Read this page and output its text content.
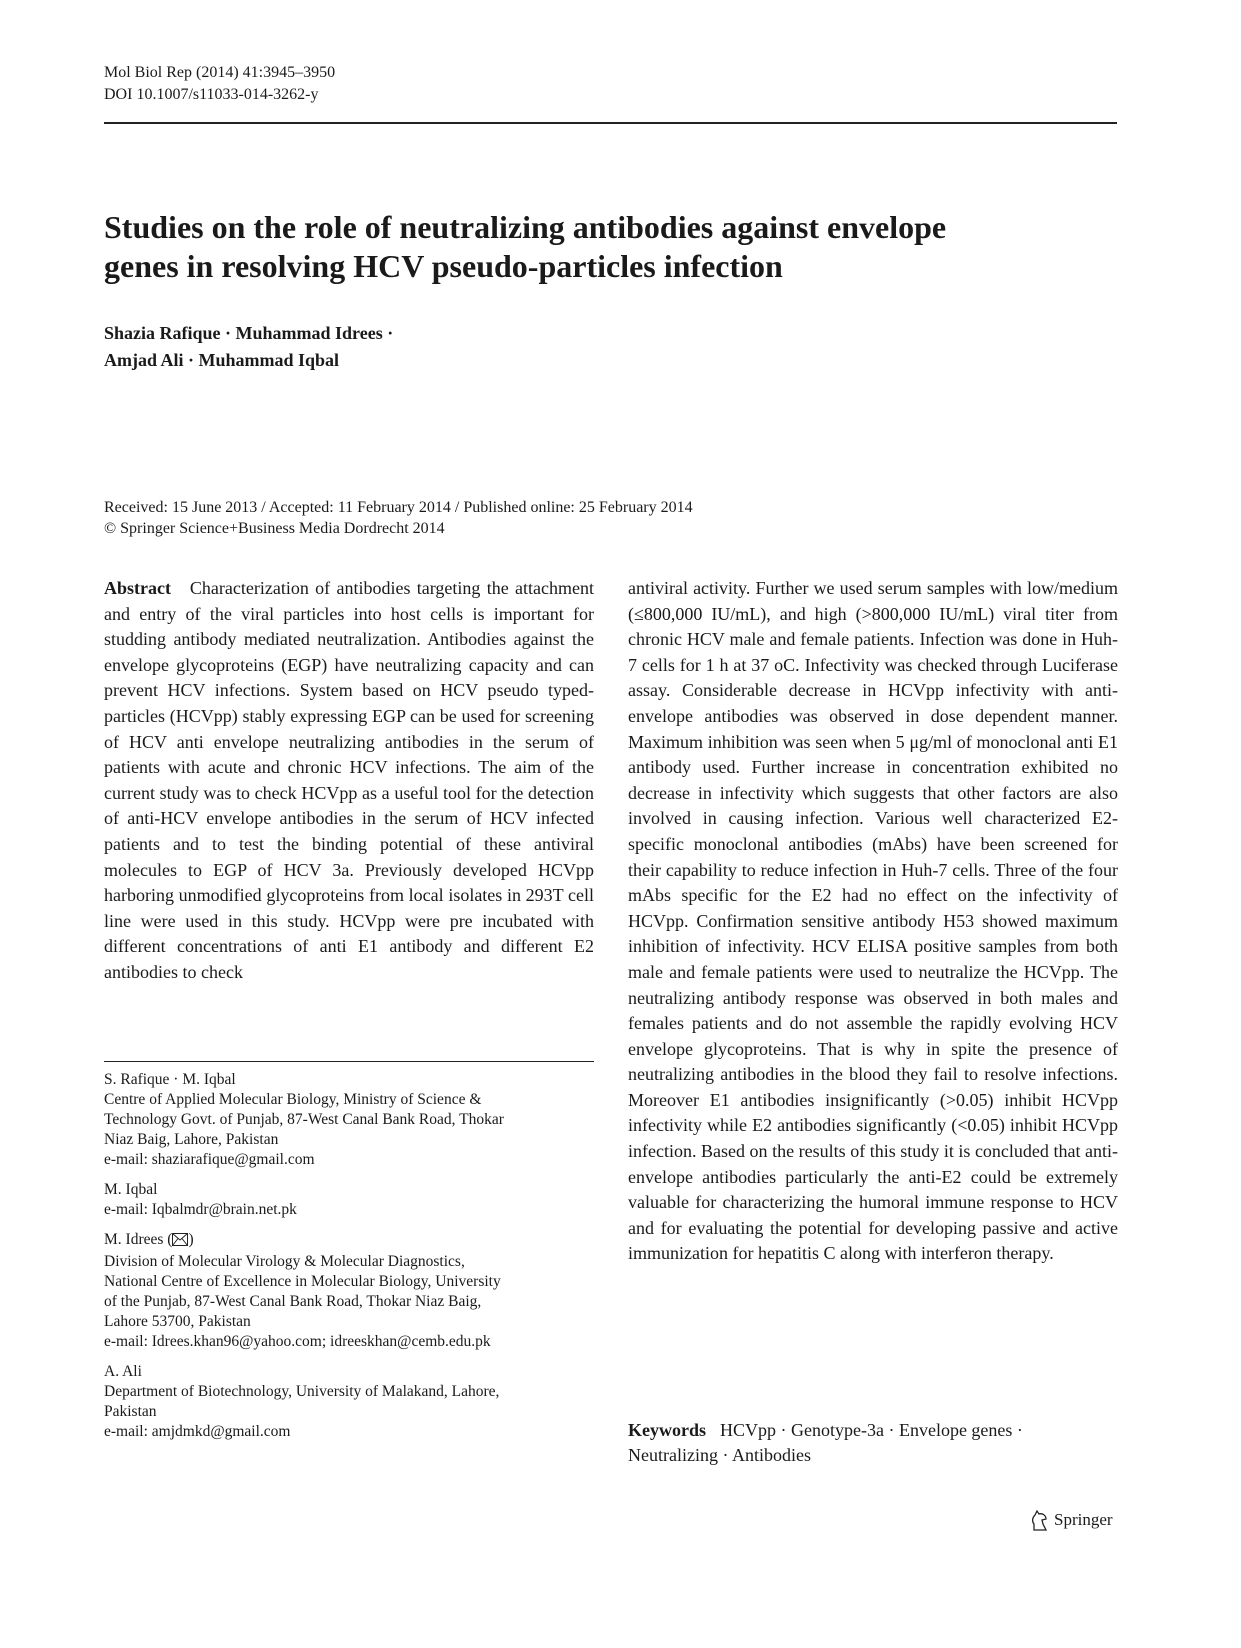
Mol Biol Rep (2014) 41:3945–3950
DOI 10.1007/s11033-014-3262-y
Studies on the role of neutralizing antibodies against envelope
genes in resolving HCV pseudo-particles infection
Shazia Rafique · Muhammad Idrees ·
Amjad Ali · Muhammad Iqbal
Received: 15 June 2013 / Accepted: 11 February 2014 / Published online: 25 February 2014
© Springer Science+Business Media Dordrecht 2014
Abstract Characterization of antibodies targeting the attachment and entry of the viral particles into host cells is important for studding antibody mediated neutralization. Antibodies against the envelope glycoproteins (EGP) have neutralizing capacity and can prevent HCV infections. System based on HCV pseudo typed-particles (HCVpp) stably expressing EGP can be used for screening of HCV anti envelope neutralizing antibodies in the serum of patients with acute and chronic HCV infections. The aim of the current study was to check HCVpp as a useful tool for the detection of anti-HCV envelope antibodies in the serum of HCV infected patients and to test the binding potential of these antiviral molecules to EGP of HCV 3a. Previously developed HCVpp harboring unmodified glycoproteins from local isolates in 293T cell line were used in this study. HCVpp were pre incubated with different concentrations of anti E1 antibody and different E2 antibodies to check
antiviral activity. Further we used serum samples with low/medium (≤800,000 IU/mL), and high (>800,000 IU/mL) viral titer from chronic HCV male and female patients. Infection was done in Huh-7 cells for 1 h at 37 oC. Infectivity was checked through Luciferase assay. Considerable decrease in HCVpp infectivity with anti-envelope antibodies was observed in dose dependent manner. Maximum inhibition was seen when 5 μg/ml of monoclonal anti E1 antibody used. Further increase in concentration exhibited no decrease in infectivity which suggests that other factors are also involved in causing infection. Various well characterized E2-specific monoclonal antibodies (mAbs) have been screened for their capability to reduce infection in Huh-7 cells. Three of the four mAbs specific for the E2 had no effect on the infectivity of HCVpp. Confirmation sensitive antibody H53 showed maximum inhibition of infectivity. HCV ELISA positive samples from both male and female patients were used to neutralize the HCVpp. The neutralizing antibody response was observed in both males and females patients and do not assemble the rapidly evolving HCV envelope glycoproteins. That is why in spite the presence of neutralizing antibodies in the blood they fail to resolve infections. Moreover E1 antibodies insignificantly (>0.05) inhibit HCVpp infectivity while E2 antibodies significantly (<0.05) inhibit HCVpp infection. Based on the results of this study it is concluded that anti-envelope antibodies particularly the anti-E2 could be extremely valuable for characterizing the humoral immune response to HCV and for evaluating the potential for developing passive and active immunization for hepatitis C along with interferon therapy.
S. Rafique · M. Iqbal
Centre of Applied Molecular Biology, Ministry of Science &
Technology Govt. of Punjab, 87-West Canal Bank Road, Thokar
Niaz Baig, Lahore, Pakistan
e-mail: shaziarafique@gmail.com
M. Iqbal
e-mail: Iqbalmdr@brain.net.pk
M. Idrees ( )
Division of Molecular Virology & Molecular Diagnostics,
National Centre of Excellence in Molecular Biology, University
of the Punjab, 87-West Canal Bank Road, Thokar Niaz Baig,
Lahore 53700, Pakistan
e-mail: Idrees.khan96@yahoo.com; idreeskhan@cemb.edu.pk
A. Ali
Department of Biotechnology, University of Malakand, Lahore,
Pakistan
e-mail: amjdmkd@gmail.com	Keywords HCVpp · Genotype-3a · Envelope genes ·
Neutralizing · Antibodies
Springer
